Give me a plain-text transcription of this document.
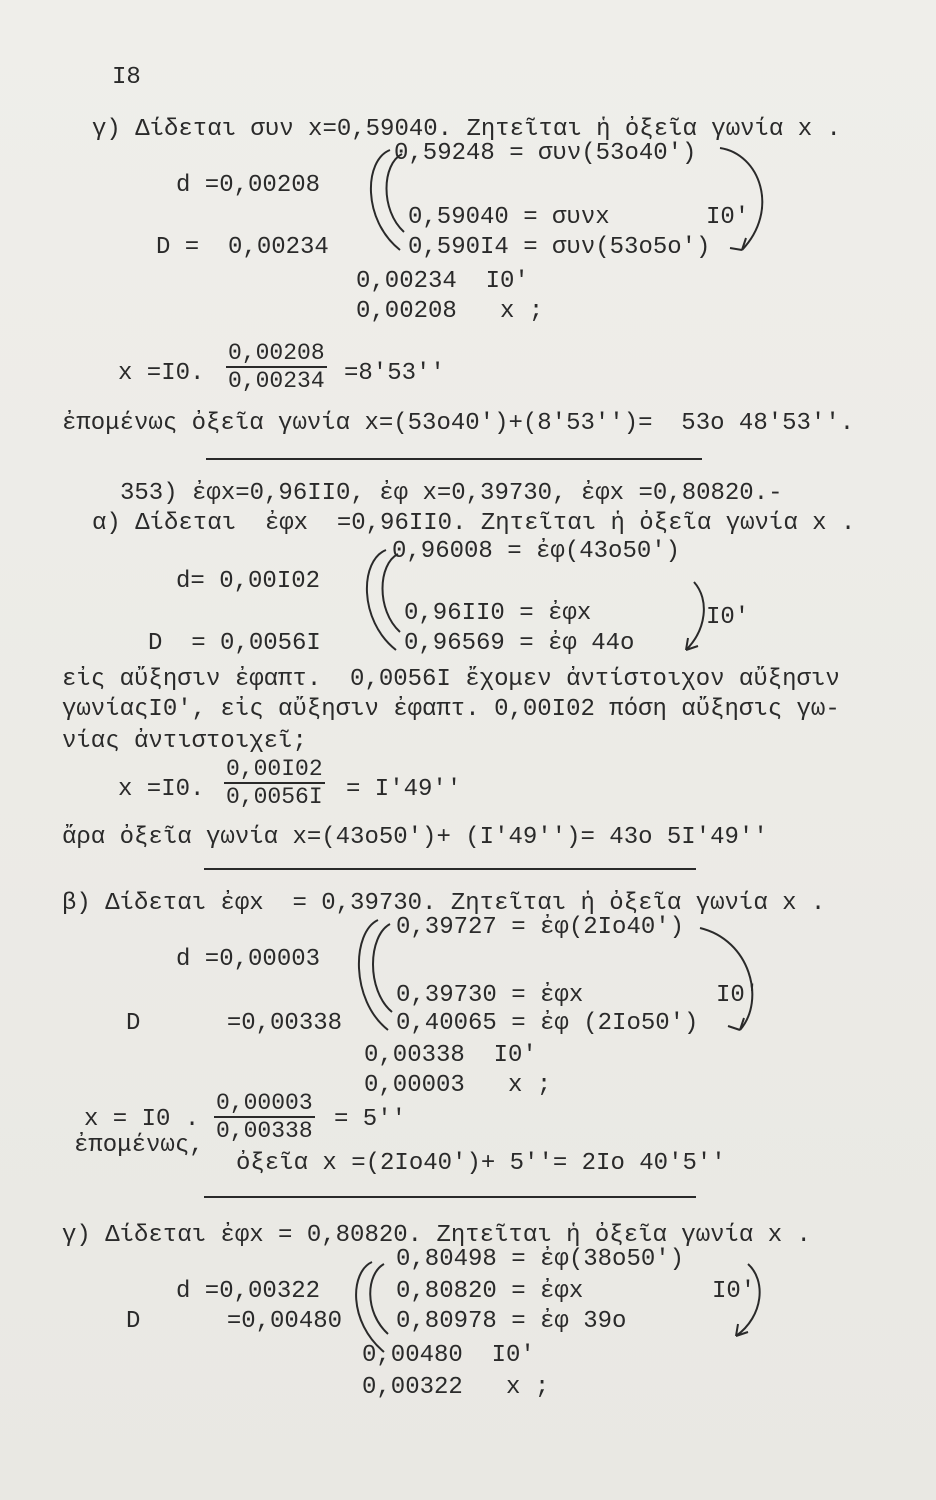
I8
γ) Δίδεται συν x=0,59040. Ζητεῖται ἡ ὀξεῖα γωνία x .
0,59248 = συν(53ο40′)
d =0,00208
0,59040 = συνx	I0′
D =  0,00234	0,590I4 = συν(53ο5ο′)
0,00234  I0′
0,00208   x ;
x =I0. $\frac{0,00208}{0,00234} =8'53''$
ἐπομένως ὀξεῖα γωνία x=(53ο40′)+(8′53′′)=  53ο 48′53′′.
353) ἐφx=0,96II0, ἐφ x=0,39730, ἐφx =0,80820.-
α) Δίδεται  ἐφx  =0,96II0. Ζητεῖται ἡ ὀξεῖα γωνία x .
0,96008 = ἐφ(43ο50′)
d= 0,00I02
0,96II0 = ἐφx	I0′
D  = 0,0056I	0,96569 = ἐφ 44ο
εἰς αὔξησιν ἐφαπτ.  0,0056I ἔχομεν ἀντίστοιχον αὔξησιν
γωνίαςI0′, εἰς αὔξησιν ἐφαπτ. 0,00I02 πόση αὔξησις γω-
νίας ἀντιστοιχεῖ;
x =I0. $\frac{0,00I02}{0,0056I} = I'49''$
ἄρα ὀξεῖα γωνία x=(43ο50′)+ (I′49′′)= 43ο 5I′49′′
β) Δίδεται ἐφx  = 0,39730. Ζητεῖται ἡ ὀξεῖα γωνία x .
0,39727 = ἐφ(2Ιο40′)
d =0,00003
0,39730 = ἐφx	I0′
D      =0,00338 0,40065 = ἐφ (2Ιο50′)
0,00338  I0′
0,00003   x ;
x = I0 . $\frac{0,00003}{0,00338} = 5''$
ἐπομένως,
ὀξεῖα x =(2Ιο40′)+ 5′′= 2Ιο 40′5′′
γ) Δίδεται ἐφx = 0,80820. Ζητεῖται ἡ ὀξεῖα γωνία x .
0,80498 = ἐφ(38ο50′)
d =0,00322	0,80820 = ἐφx	I0′
D      =0,00480 0,80978 = ἐφ 39ο
0,00480  I0′
0,00322   x ;
